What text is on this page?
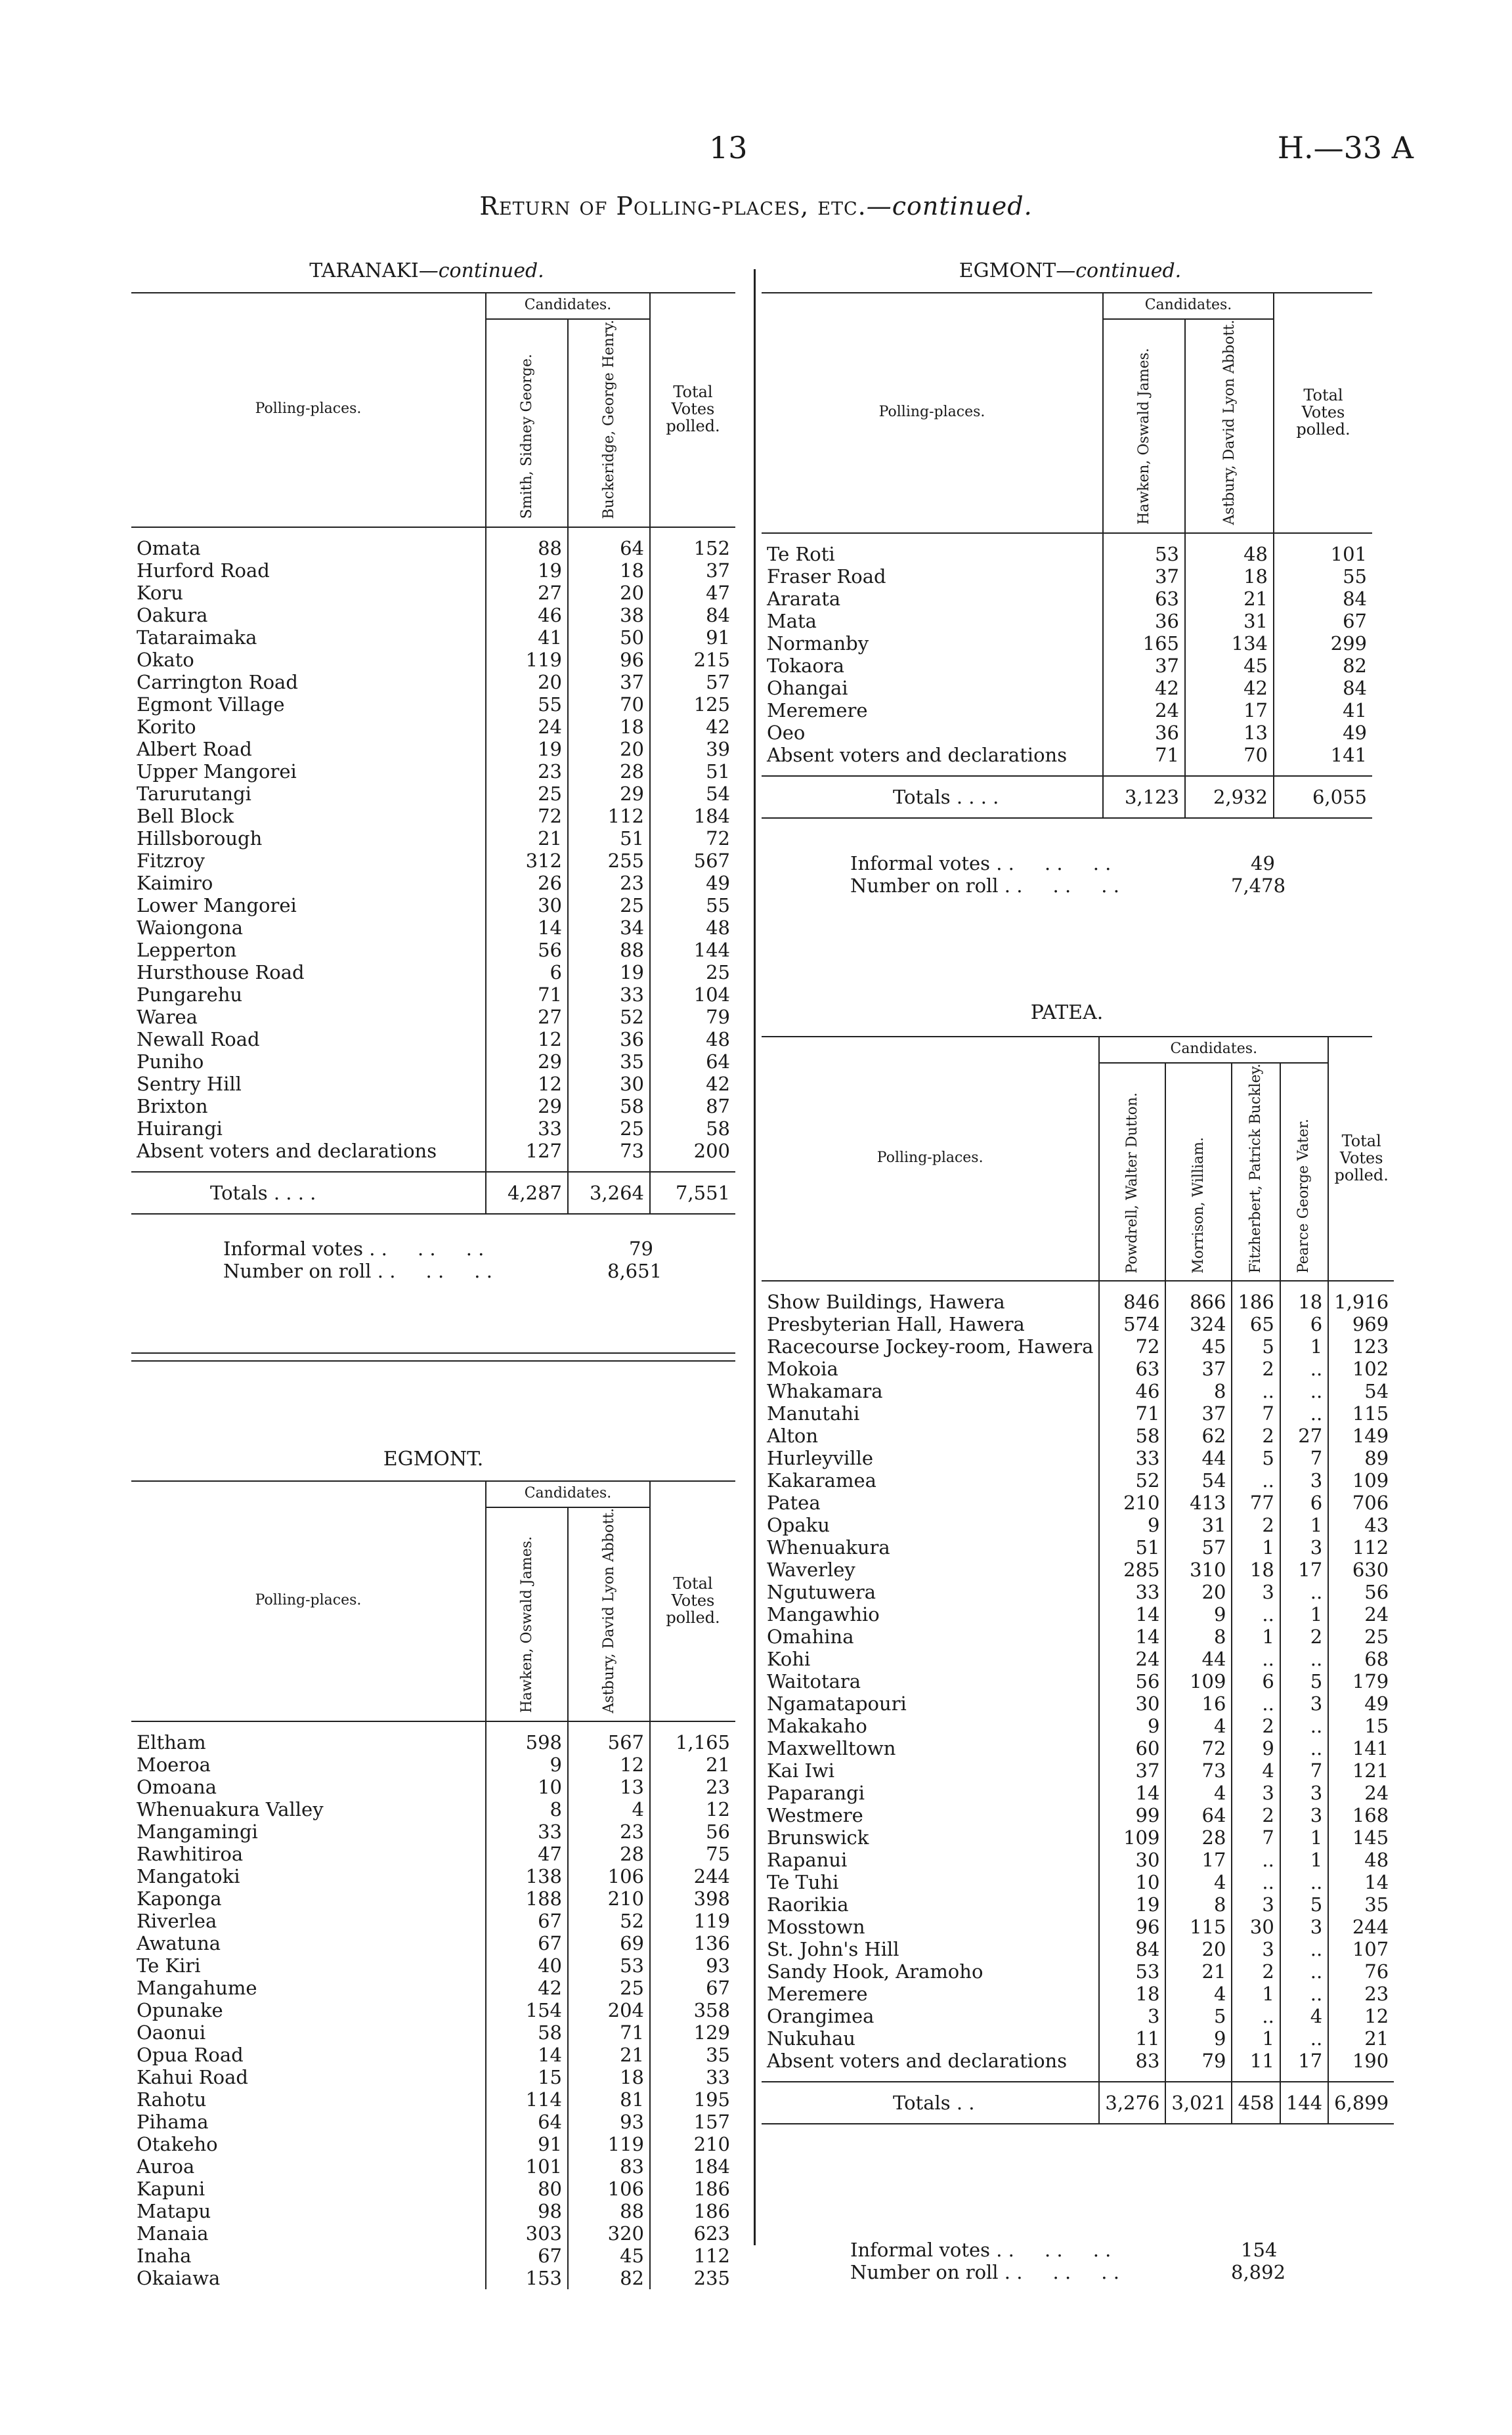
13	H.—33 A
Return of Polling-places, etc.—continued.
TARANAKI—continued.
Polling-places.	Candidates.		Total Votes polled.
	Smith, Sidney George.	Buckeridge, George Henry.	

Omata	88	64	152
Hurford Road	19	18	37
Koru	27	20	47
Oakura	46	38	84
Tataraimaka	41	50	91
Okato	119	96	215
Carrington Road	20	37	57
Egmont Village	55	70	125
Korito	24	18	42
Albert Road	19	20	39
Upper Mangorei	23	28	51
Tarurutangi	25	29	54
Bell Block	72	112	184
Hillsborough	21	51	72
Fitzroy	312	255	567
Kaimiro	26	23	49
Lower Mangorei	30	25	55
Waiongona	14	34	48
Lepperton	56	88	144
Hursthouse Road	6	19	25
Pungarehu	71	33	104
Warea	27	52	79
Newall Road	12	36	48
Puniho	29	35	64
Sentry Hill	12	30	42
Brixton	29	58	87
Huirangi	33	25	58
Absent voters and declarations	127	73	200

Totals . . . .	4,287	3,264	7,551
Informal votes . .     . .     . .	79
Number on roll . .     . .     . .	8,651
EGMONT.
Polling-places.	Candidates.		Total Votes polled.
	Hawken, Oswald James.	Astbury, David Lyon Abbott.	

Eltham	598	567	1,165
Moeroa	9	12	21
Omoana	10	13	23
Whenuakura Valley	8	4	12
Mangamingi	33	23	56
Rawhitiroa	47	28	75
Mangatoki	138	106	244
Kaponga	188	210	398
Riverlea	67	52	119
Awatuna	67	69	136
Te Kiri	40	53	93
Mangahume	42	25	67
Opunake	154	204	358
Oaonui	58	71	129
Opua Road	14	21	35
Kahui Road	15	18	33
Rahotu	114	81	195
Pihama	64	93	157
Otakeho	91	119	210
Auroa	101	83	184
Kapuni	80	106	186
Matapu	98	88	186
Manaia	303	320	623
Inaha	67	45	112
Okaiawa	153	82	235
EGMONT—continued.
Polling-places.	Candidates.		Total Votes polled.
	Hawken, Oswald James.	Astbury, David Lyon Abbott.	

Te Roti	53	48	101
Fraser Road	37	18	55
Ararata	63	21	84
Mata	36	31	67
Normanby	165	134	299
Tokaora	37	45	82
Ohangai	42	42	84
Meremere	24	17	41
Oeo	36	13	49
Absent voters and declarations	71	70	141

Totals . . . .	3,123	2,932	6,055
Informal votes . .     . .     . .	49
Number on roll . .     . .     . .	7,478
PATEA.
Polling-places.	Candidates.				Total Votes polled.
	Powdrell, Walter Dutton.	Morrison, William.	Fitzherbert, Patrick Buckley.	Pearce George Vater.	

Show Buildings, Hawera	846	866	186	18	1,916
Presbyterian Hall, Hawera	574	324	65	6	969
Racecourse Jockey-room, Hawera	72	45	5	1	123
Mokoia	63	37	2	..	102
Whakamara	46	8	..	..	54
Manutahi	71	37	7	..	115
Alton	58	62	2	27	149
Hurleyville	33	44	5	7	89
Kakaramea	52	54	..	3	109
Patea	210	413	77	6	706
Opaku	9	31	2	1	43
Whenuakura	51	57	1	3	112
Waverley	285	310	18	17	630
Ngutuwera	33	20	3	..	56
Mangawhio	14	9	..	1	24
Omahina	14	8	1	2	25
Kohi	24	44	..	..	68
Waitotara	56	109	6	5	179
Ngamatapouri	30	16	..	3	49
Makakaho	9	4	2	..	15
Maxwelltown	60	72	9	..	141
Kai Iwi	37	73	4	7	121
Paparangi	14	4	3	3	24
Westmere	99	64	2	3	168
Brunswick	109	28	7	1	145
Rapanui	30	17	..	1	48
Te Tuhi	10	4	..	..	14
Raorikia	19	8	3	5	35
Mosstown	96	115	30	3	244
St. John's Hill	84	20	3	..	107
Sandy Hook, Aramoho	53	21	2	..	76
Meremere	18	4	1	..	23
Orangimea	3	5	..	4	12
Nukuhau	11	9	1	..	21
Absent voters and declarations	83	79	11	17	190

Totals . .	3,276	3,021	458	144	6,899
Informal votes . .     . .     . .	154
Number on roll . .     . .     . .	8,892
